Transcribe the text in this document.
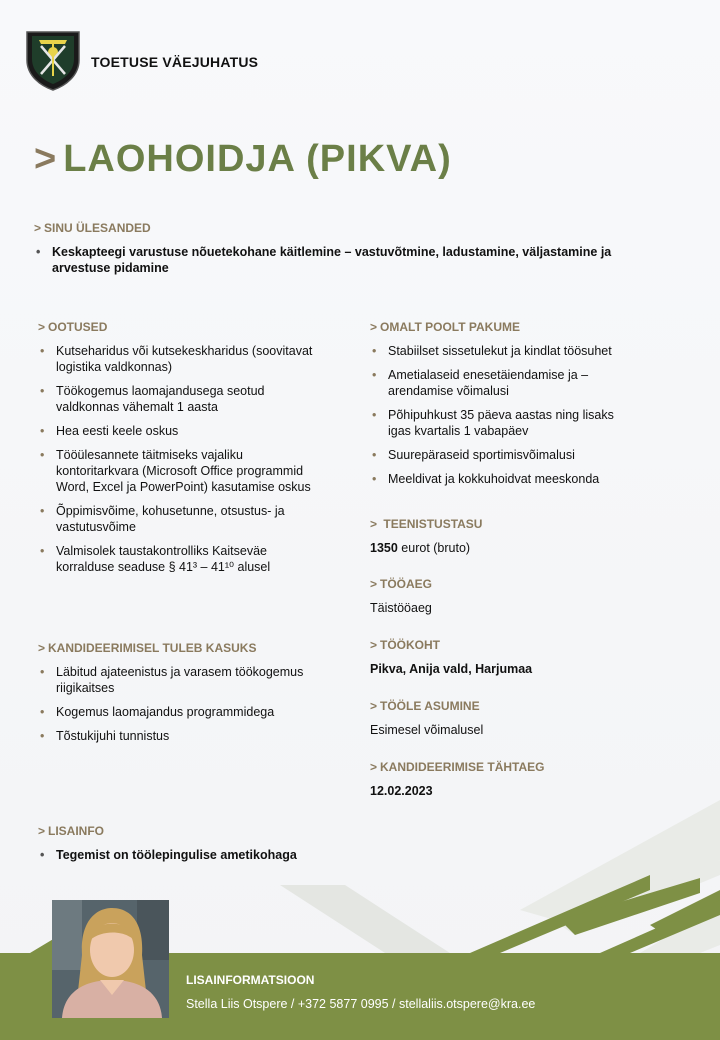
TOETUSE VÄEJUHATUS
> LAOHOIDJA (PIKVA)
> SINU ÜLESANDED
• Keskapteegi varustuse nõuetekohane käitlemine – vastuvõtmine, ladustamine, väljastamine ja arvestuse pidamine
> OOTUSED
• Kutseharidus või kutsekeskharidus (soovitavat logistika valdkonnas)
• Töökogemus laomajandusega seotud valdkonnas vähemalt 1 aasta
• Hea eesti keele oskus
• Tööülesannete täitmiseks vajaliku kontoritarkvara (Microsoft Office programmid Word, Excel ja PowerPoint) kasutamise oskus
• Õppimisvõime, kohusetunne, otsustus- ja vastutusvõime
• Valmisolek taustakontrolliks Kaitseväe korralduse seaduse § 41³ – 41¹⁰ alusel
> KANDIDEERIMISEL TULEB KASUKS
• Läbitud ajateenistus ja varasem töökogemus riigikaitses
• Kogemus laomajandus programmidega
• Tõstukijuhi tunnistus
> LISAINFO
• Tegemist on töölepingulise ametikohaga
> OMALT POOLT PAKUME
• Stabiilset sissetulekut ja kindlat töösuhet
• Ametialaseid enesetäiendamise ja – arendamise võimalusi
• Põhipuhkust 35 päeva aastas ning lisaks igas kvartalis 1 vabapäev
• Suurepäraseid sportimisvõimalusi
• Meeldivat ja kokkuhoidvat meeskonda
> TEENISTUSTASU
1350 eurot (bruto)
> TÖÖAEG
Täistööaeg
> TÖÖKOHT
Pikva, Anija vald, Harjumaa
> TÖÖLE ASUMINE
Esimesel võimalusel
> KANDIDEERIMISE TÄHTAEG
12.02.2023
LISAINFORMATSIOON
Stella Liis Otspere / +372 5877 0995 / stellaliis.otspere@kra.ee
